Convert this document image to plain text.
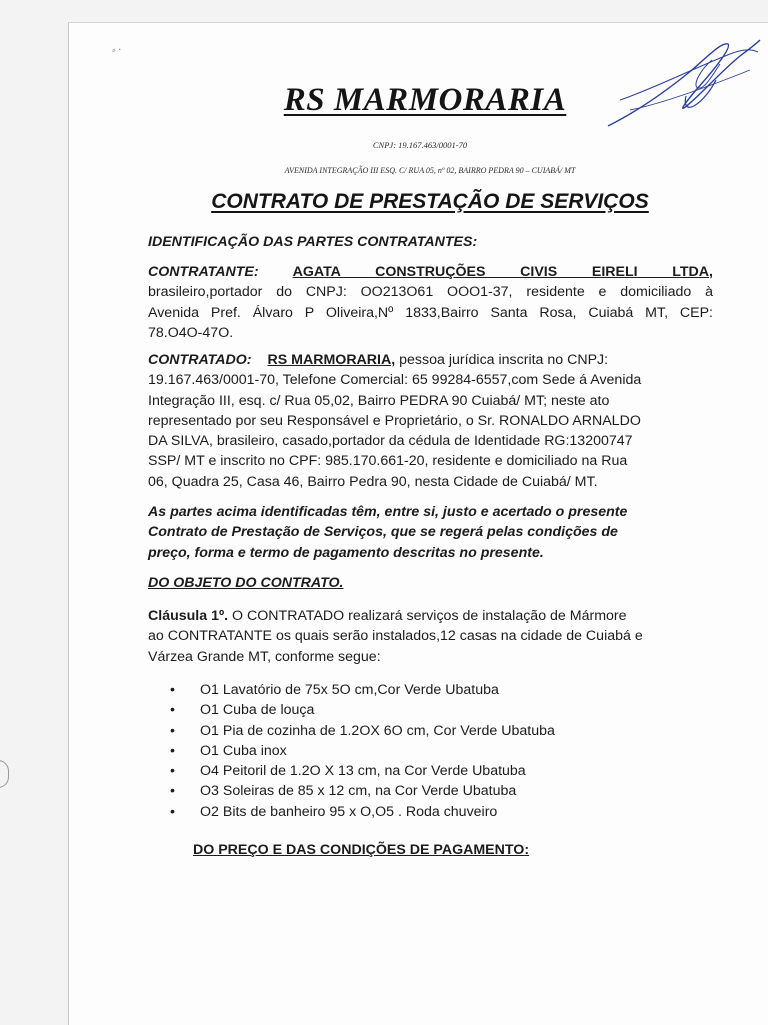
⸗ ∙
RS MARMORARIA
CNPJ: 19.167.463/0001-70
AVENIDA INTEGRAÇÃO III ESQ. C/ RUA 05, nº 02, BAIRRO PEDRA 90 – CUIABÁ/ MT
CONTRATO DE PRESTAÇÃO DE SERVIÇOS
IDENTIFICAÇÃO DAS PARTES CONTRATANTES:
CONTRATANTE: AGATA CONSTRUÇÕES CIVIS EIRELI LTDA,
brasileiro,portador do CNPJ: OO213O61 OOO1-37, residente e domiciliado à
Avenida Pref. Álvaro P Oliveira,Nº 1833,Bairro Santa Rosa, Cuiabá MT, CEP:
78.O4O-47O.
CONTRATADO: RS MARMORARIA, pessoa jurídica inscrita no CNPJ:
19.167.463/0001-70, Telefone Comercial: 65 99284-6557,com Sede á Avenida
Integração III, esq. c/ Rua 05,02, Bairro PEDRA 90 Cuiabá/ MT; neste ato
representado por seu Responsável e Proprietário, o Sr. RONALDO ARNALDO
DA SILVA, brasileiro, casado,portador da cédula de Identidade RG:13200747
SSP/ MT e inscrito no CPF: 985.170.661-20, residente e domiciliado na Rua
06, Quadra 25, Casa 46, Bairro Pedra 90, nesta Cidade de Cuiabá/ MT.
As partes acima identificadas têm, entre si, justo e acertado o presente
Contrato de Prestação de Serviços, que se regerá pelas condições de
preço, forma e termo de pagamento descritas no presente.
DO OBJETO DO CONTRATO.
Cláusula 1º. O CONTRATADO realizará serviços de instalação de Mármore
ao CONTRATANTE os quais serão instalados,12 casas na cidade de Cuiabá e
Várzea Grande MT, conforme segue:
• O1 Lavatório de 75x 5O cm,Cor Verde Ubatuba
• O1 Cuba de louça
• O1 Pia de cozinha de 1.2OX 6O cm, Cor Verde Ubatuba
• O1 Cuba inox
• O4 Peitoril de 1.2O X 13 cm, na Cor Verde Ubatuba
• O3 Soleiras de 85 x 12 cm, na Cor Verde Ubatuba
• O2 Bits de banheiro 95 x O,O5 . Roda chuveiro
DO PREÇO E DAS CONDIÇÕES DE PAGAMENTO:
